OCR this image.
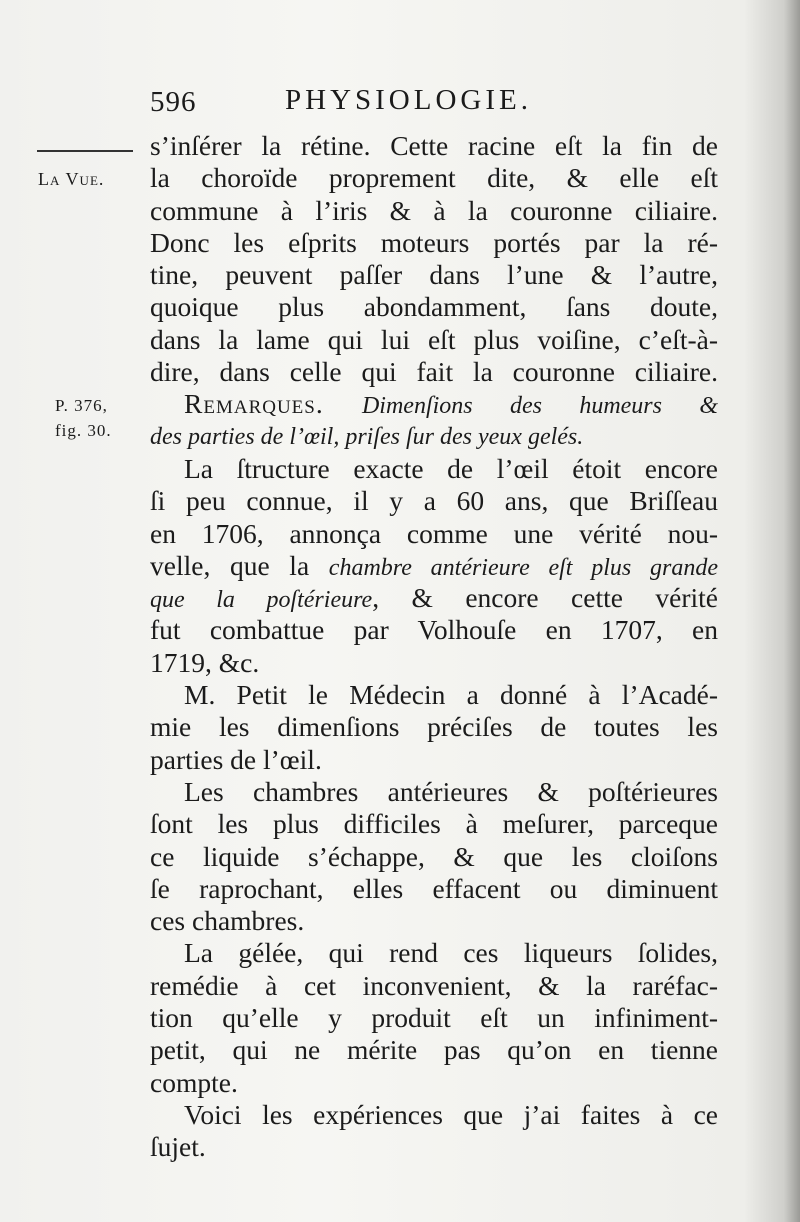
596	PHYSIOLOGIE.
La Vue.
P. 376,
fig. 30.
s’inſérer la rétine. Cette racine eſt la fin de
la choroïde proprement dite, & elle eſt
commune à l’iris & à la couronne ciliaire.
Donc les eſprits moteurs portés par la ré-
tine, peuvent paſſer dans l’une & l’autre,
quoique plus abondamment, ſans doute,
dans la lame qui lui eſt plus voiſine, c’eſt-à-
dire, dans celle qui fait la couronne ciliaire.
Remarques. Dimenſions des humeurs &
des parties de l’œil, priſes ſur des yeux gelés.
La ſtructure exacte de l’œil étoit encore
ſi peu connue, il y a 60 ans, que Briſſeau
en 1706, annonça comme une vérité nou-
velle, que la chambre antérieure eſt plus grande
que la poſtérieure, & encore cette vérité
fut combattue par Volhouſe en 1707, en
1719, &c.
M. Petit le Médecin a donné à l’Acadé-
mie les dimenſions préciſes de toutes les
parties de l’œil.
Les chambres antérieures & poſtérieures
ſont les plus difficiles à meſurer, parceque
ce liquide s’échappe, & que les cloiſons
ſe raprochant, elles effacent ou diminuent
ces chambres.
La gélée, qui rend ces liqueurs ſolides,
remédie à cet inconvenient, & la raréfac-
tion qu’elle y produit eſt un infiniment-
petit, qui ne mérite pas qu’on en tienne
compte.
Voici les expériences que j’ai faites à ce
ſujet.
